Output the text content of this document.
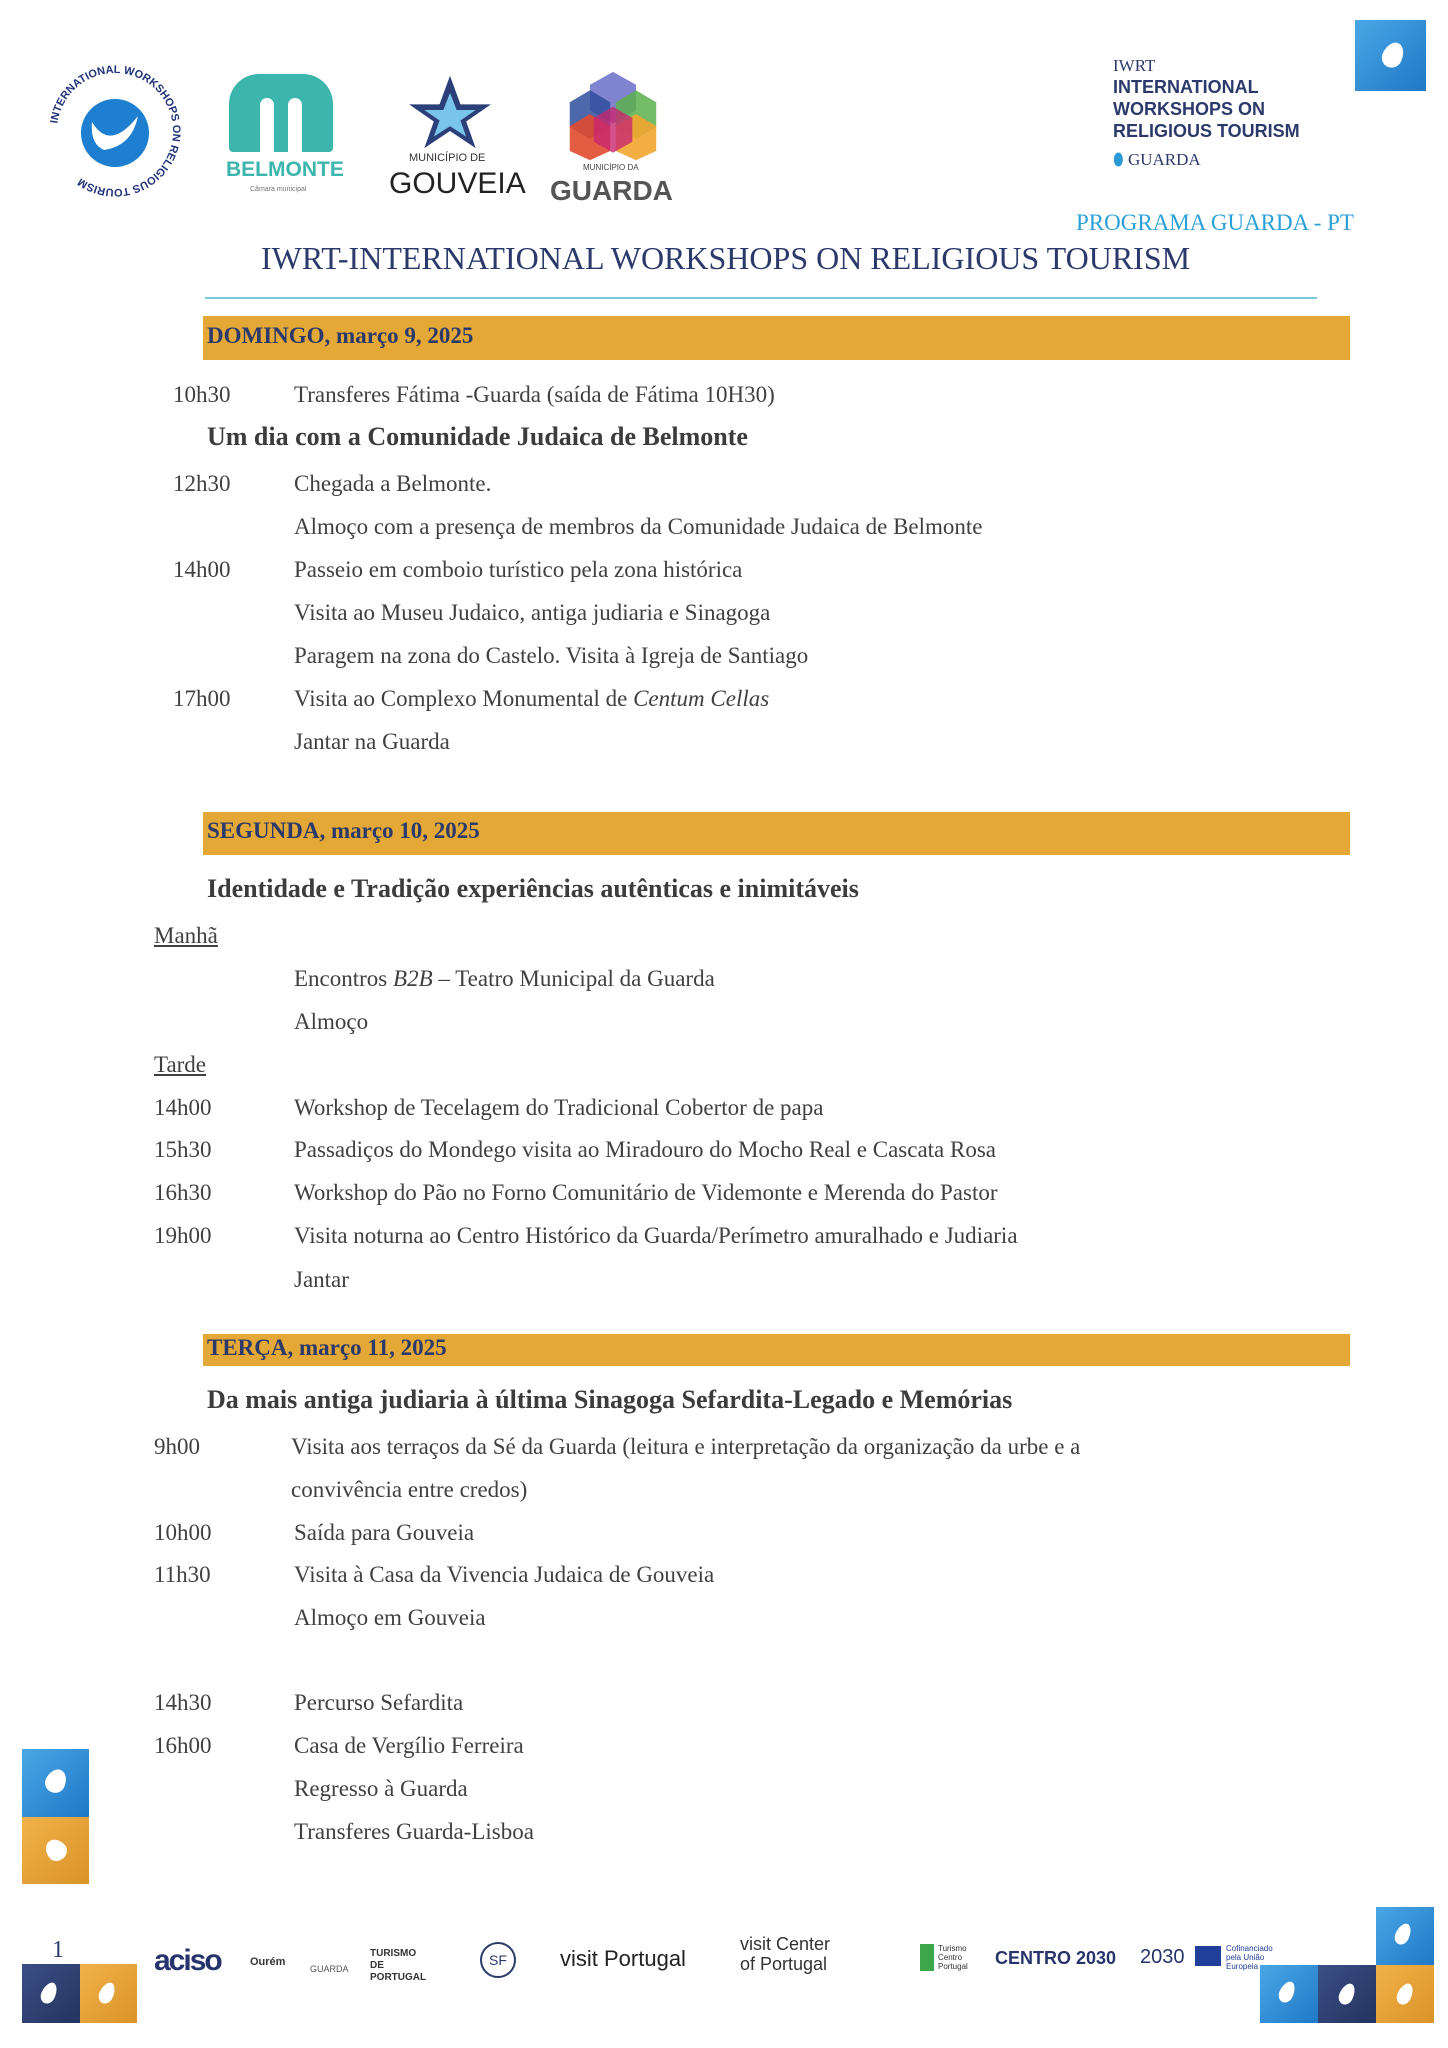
INTERNATIONAL WORKSHOPS ON RELIGIOUS TOURISM
BELMONTE
Câmara municipal
MUNICÍPIO DE
GOUVEIA	MUNICÍPIO DA
GUARDA
IWRT
INTERNATIONAL
WORKSHOPS ON
RELIGIOUS TOURISM
⬮ GUARDA
PROGRAMA GUARDA - PT
IWRT-INTERNATIONAL WORKSHOPS ON RELIGIOUS TOURISM
DOMINGO, março 9, 2025
10h30	Transferes Fátima -Guarda (saída de Fátima 10H30)
Um dia com a Comunidade Judaica de Belmonte
12h30	Chegada a Belmonte.
Almoço com a presença de membros da Comunidade Judaica de Belmonte
14h00	Passeio em comboio turístico pela zona histórica
Visita ao Museu Judaico, antiga judiaria e Sinagoga
Paragem na zona do Castelo. Visita à Igreja de Santiago
17h00	Visita ao Complexo Monumental de Centum Cellas
Jantar na Guarda
SEGUNDA, março 10, 2025
Identidade e Tradição experiências autênticas e inimitáveis
Manhã
Encontros B2B – Teatro Municipal da Guarda
Almoço
Tarde
14h00	Workshop de Tecelagem do Tradicional Cobertor de papa
15h30	Passadiços do Mondego visita ao Miradouro do Mocho Real e Cascata Rosa
16h30	Workshop do Pão no Forno Comunitário de Videmonte e Merenda do Pastor
19h00	Visita noturna ao Centro Histórico da Guarda/Perímetro amuralhado e Judiaria
Jantar
TERÇA, março 11, 2025
Da mais antiga judiaria à última Sinagoga Sefardita-Legado e Memórias
9h00	Visita aos terraços da Sé da Guarda (leitura e interpretação da organização da urbe e a
convivência entre credos)
10h00	Saída para Gouveia
11h30	Visita à Casa da Vivencia Judaica de Gouveia
Almoço em Gouveia
14h30	Percurso Sefardita
16h00	Casa de Vergílio Ferreira
Regresso à Guarda
Transferes Guarda-Lisboa
1	aciso	Ourém
GUARDA
TURISMO DE PORTUGAL
SF	visit Portugal
visit Center of Portugal
Turismo Centro Portugal	CENTRO 2030 2030	Cofinanciado pela União Europeia
